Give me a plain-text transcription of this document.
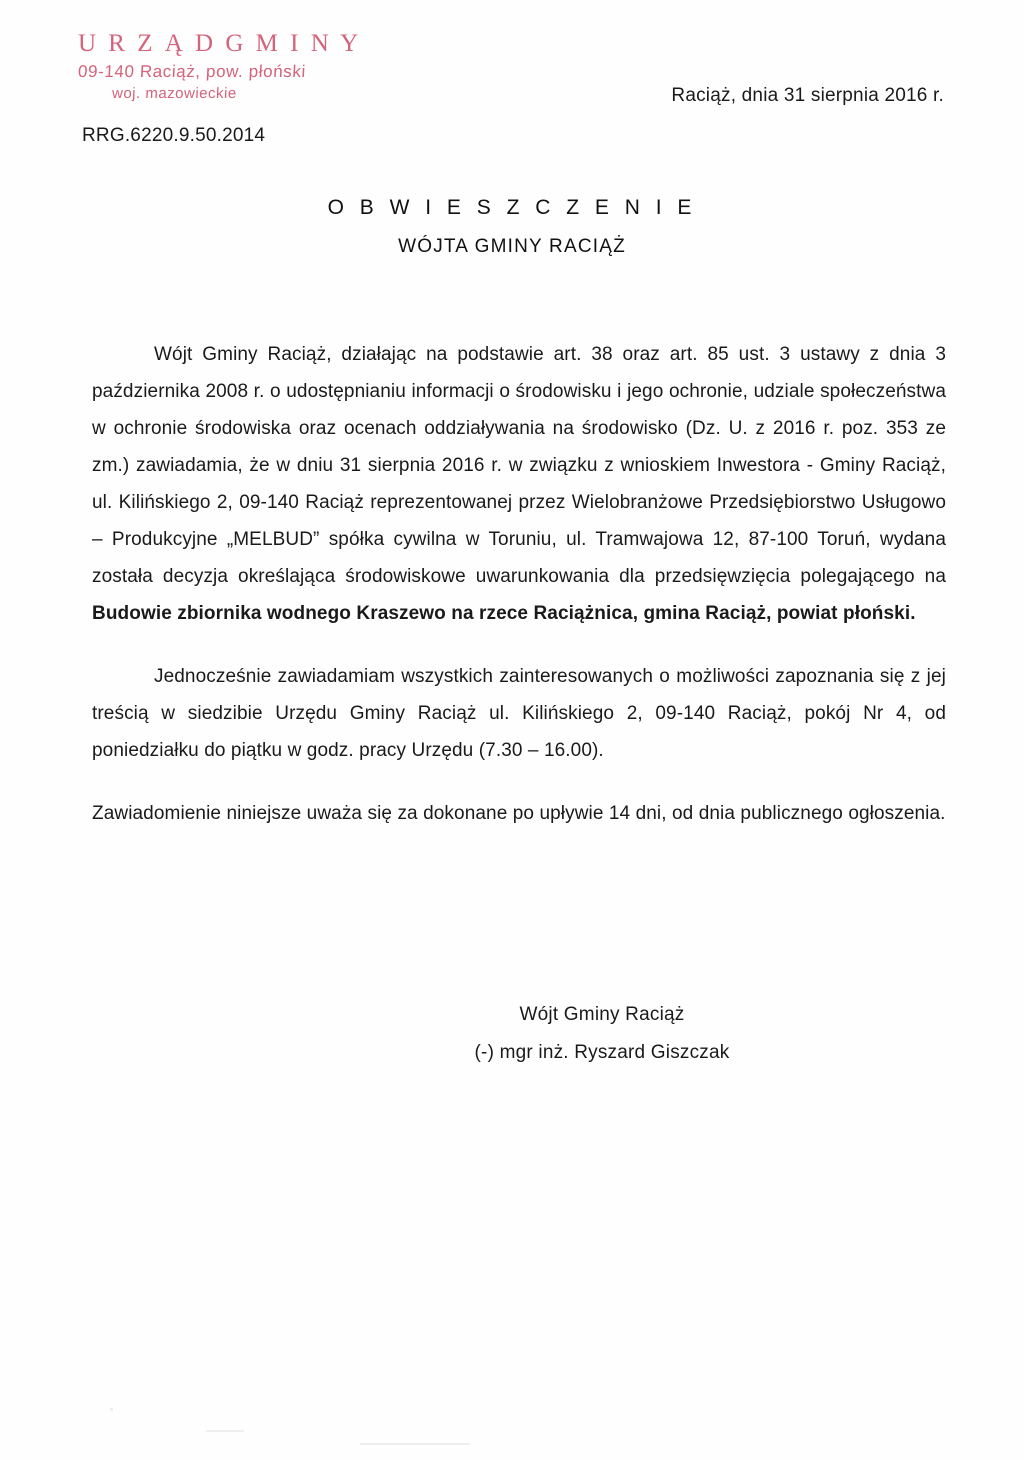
U R Z Ą D G M I N Y
09-140 Raciąż, pow. płoński
woj. mazowieckie
RRG.6220.9.50.2014
Raciąż, dnia 31 sierpnia 2016 r.
O B W I E S Z C Z E N I E
WÓJTA GMINY RACIĄŻ

Wójt Gminy Raciąż, działając na podstawie art. 38 oraz art. 85 ust. 3 ustawy z dnia 3 października 2008 r. o udostępnianiu informacji o środowisku i jego ochronie, udziale społeczeństwa w ochronie środowiska oraz ocenach oddziaływania na środowisko (Dz. U. z 2016 r. poz. 353 ze zm.) zawiadamia, że w dniu 31 sierpnia 2016 r. w związku z wnioskiem Inwestora - Gminy Raciąż, ul. Kilińskiego 2, 09-140 Raciąż reprezentowanej przez Wielobranżowe Przedsiębiorstwo Usługowo – Produkcyjne „MELBUD” spółka cywilna w Toruniu, ul. Tramwajowa 12, 87-100 Toruń, wydana została decyzja określająca środowiskowe uwarunkowania dla przedsięwzięcia polegającego na Budowie zbiornika wodnego Kraszewo na rzece Raciążnica, gmina Raciąż, powiat płoński.

Jednocześnie zawiadamiam wszystkich zainteresowanych o możliwości zapoznania się z jej treścią w siedzibie Urzędu Gminy Raciąż ul. Kilińskiego 2, 09-140 Raciąż, pokój Nr 4, od poniedziałku do piątku w godz. pracy Urzędu (7.30 – 16.00).

Zawiadomienie niniejsze uważa się za dokonane po upływie 14 dni, od dnia publicznego ogłoszenia.

Wójt Gminy Raciąż
(-) mgr inż. Ryszard Giszczak
